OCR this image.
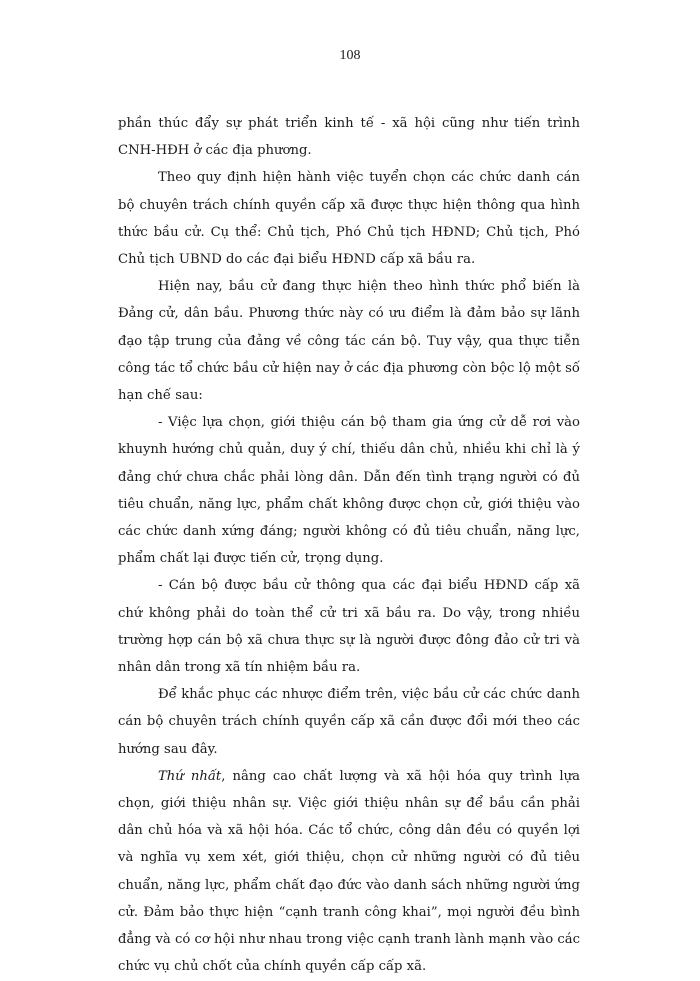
108

phần thúc đẩy sự phát triển kinh tế - xã hội cũng như tiến trình CNH-HĐH ở các địa phương.

Theo quy định hiện hành việc tuyển chọn các chức danh cán bộ chuyên trách chính quyền cấp xã được thực hiện thông qua hình thức bầu cử. Cụ thể: Chủ tịch, Phó Chủ tịch HĐND; Chủ tịch, Phó Chủ tịch UBND do các đại biểu HĐND cấp xã bầu ra.

Hiện nay, bầu cử đang thực hiện theo hình thức phổ biến là Đảng cử, dân bầu. Phương thức này có ưu điểm là đảm bảo sự lãnh đạo tập trung của đảng về công tác cán bộ. Tuy vậy, qua thực tiễn công tác tổ chức bầu cử hiện nay ở các địa phương còn bộc lộ một số hạn chế sau:

- Việc lựa chọn, giới thiệu cán bộ tham gia ứng cử dễ rơi vào khuynh hướng chủ quản, duy ý chí, thiếu dân chủ, nhiều khi chỉ là ý đảng chứ chưa chắc phải lòng dân. Dẫn đến tình trạng người có đủ tiêu chuẩn, năng lực, phẩm chất không được chọn cử, giới thiệu vào các chức danh xứng đáng; người không có đủ tiêu chuẩn, năng lực, phẩm chất lại được tiến cử, trọng dụng.

- Cán bộ được bầu cử thông qua các đại biểu HĐND cấp xã chứ không phải do toàn thể cử tri xã bầu ra. Do vậy, trong nhiều trường hợp cán bộ xã chưa thực sự là người được đông đảo cử tri và nhân dân trong xã tín nhiệm bầu ra.

Để khắc phục các nhược điểm trên, việc bầu cử các chức danh cán bộ chuyên trách chính quyền cấp xã cần được đổi mới theo các hướng sau đây.

Thứ nhất, nâng cao chất lượng và xã hội hóa quy trình lựa chọn, giới thiệu nhân sự. Việc giới thiệu nhân sự để bầu cần phải dân chủ hóa và xã hội hóa. Các tổ chức, công dân đều có quyền lợi và nghĩa vụ xem xét, giới thiệu, chọn cử những người có đủ tiêu chuẩn, năng lực, phẩm chất đạo đức vào danh sách những người ứng cử. Đảm bảo thực hiện “cạnh tranh công khai”, mọi người đều bình đẳng và có cơ hội như nhau trong việc cạnh tranh lành mạnh vào các chức vụ chủ chốt của chính quyền cấp cấp xã.
